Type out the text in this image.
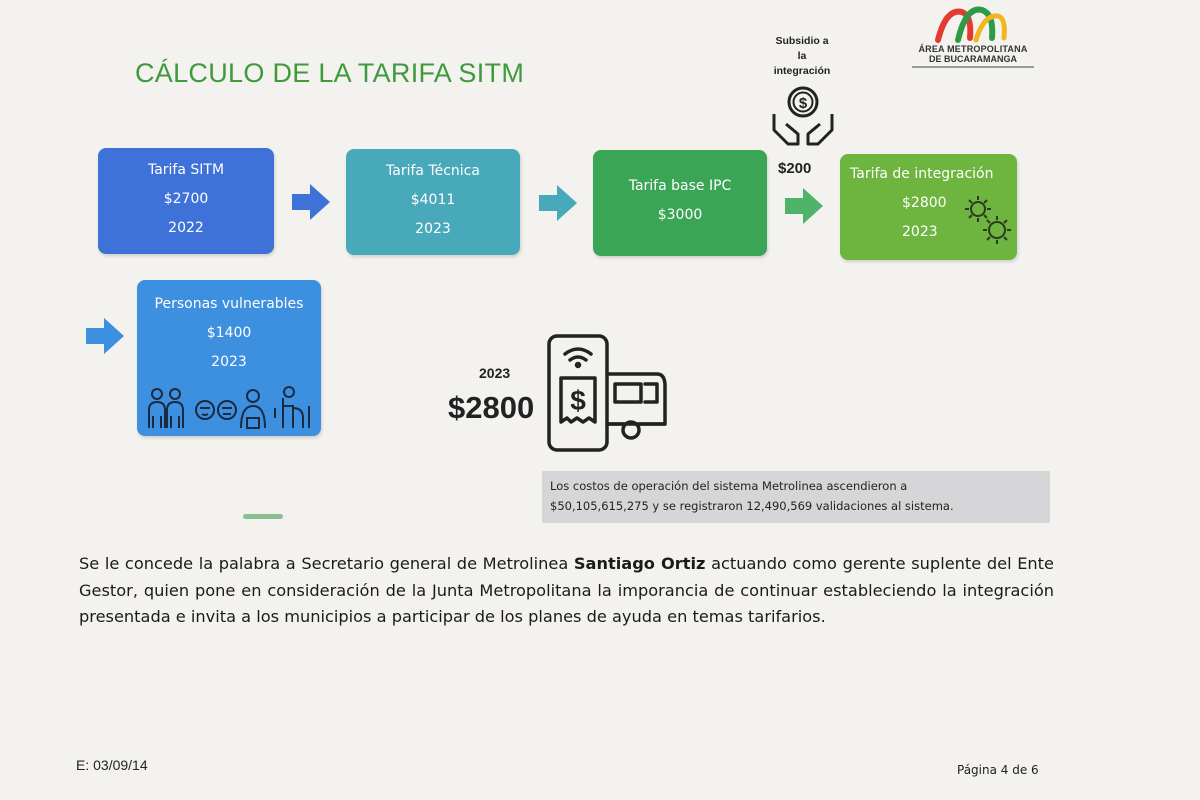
CÁLCULO DE LA TARIFA SITM
ÁREA METROPOLITANA
DE BUCARAMANGA
Subsidio a
la
integración
$
$200
Tarifa SITM
$2700
2022
Tarifa Técnica
$4011
2023
Tarifa base IPC
$3000
Tarifa de integración
$2800
2023
Personas vulnerables
$1400
2023
2023
$2800 $
Los costos de operación del sistema Metrolinea ascendieron a
$50,105,615,275 y se registraron 12,490,569 validaciones al sistema.
Se le concede la palabra a Secretario general de Metrolinea Santiago Ortiz actuando como gerente suplente del Ente Gestor, quien pone en consideración de la Junta Metropolitana la imporancia de continuar estableciendo la integración presentada e invita a los municipios a participar de los planes de ayuda en temas tarifarios.
E: 03/09/14	Página 4 de 6
